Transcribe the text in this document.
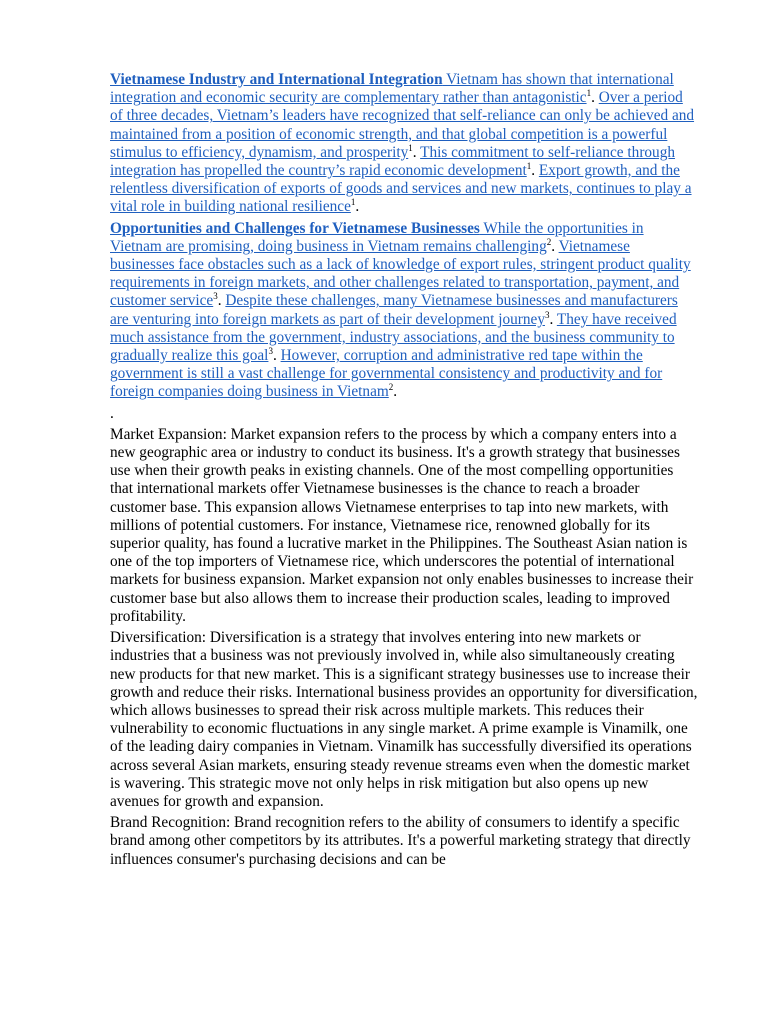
Vietnamese Industry and International Integration Vietnam has shown that international integration and economic security are complementary rather than antagonistic$^1$. Over a period of three decades, Vietnam’s leaders have recognized that self-reliance can only be achieved and maintained from a position of economic strength, and that global competition is a powerful stimulus to efficiency, dynamism, and prosperity$^1$. This commitment to self-reliance through integration has propelled the country’s rapid economic development$^1$. Export growth, and the relentless diversification of exports of goods and services and new markets, continues to play a vital role in building national resilience$^1$.

Opportunities and Challenges for Vietnamese Businesses While the opportunities in Vietnam are promising, doing business in Vietnam remains challenging$^2$. Vietnamese businesses face obstacles such as a lack of knowledge of export rules, stringent product quality requirements in foreign markets, and other challenges related to transportation, payment, and customer service$^3$. Despite these challenges, many Vietnamese businesses and manufacturers are venturing into foreign markets as part of their development journey$^3$. They have received much assistance from the government, industry associations, and the business community to gradually realize this goal$^3$. However, corruption and administrative red tape within the government is still a vast challenge for governmental consistency and productivity and for foreign companies doing business in Vietnam$^2$.

.

Market Expansion: Market expansion refers to the process by which a company enters into a new geographic area or industry to conduct its business. It's a growth strategy that businesses use when their growth peaks in existing channels. One of the most compelling opportunities that international markets offer Vietnamese businesses is the chance to reach a broader customer base. This expansion allows Vietnamese enterprises to tap into new markets, with millions of potential customers. For instance, Vietnamese rice, renowned globally for its superior quality, has found a lucrative market in the Philippines. The Southeast Asian nation is one of the top importers of Vietnamese rice, which underscores the potential of international markets for business expansion. Market expansion not only enables businesses to increase their customer base but also allows them to increase their production scales, leading to improved profitability.

Diversification: Diversification is a strategy that involves entering into new markets or industries that a business was not previously involved in, while also simultaneously creating new products for that new market. This is a significant strategy businesses use to increase their growth and reduce their risks. International business provides an opportunity for diversification, which allows businesses to spread their risk across multiple markets. This reduces their vulnerability to economic fluctuations in any single market. A prime example is Vinamilk, one of the leading dairy companies in Vietnam. Vinamilk has successfully diversified its operations across several Asian markets, ensuring steady revenue streams even when the domestic market is wavering. This strategic move not only helps in risk mitigation but also opens up new avenues for growth and expansion.

Brand Recognition: Brand recognition refers to the ability of consumers to identify a specific brand among other competitors by its attributes. It's a powerful marketing strategy that directly influences consumer's purchasing decisions and can be
